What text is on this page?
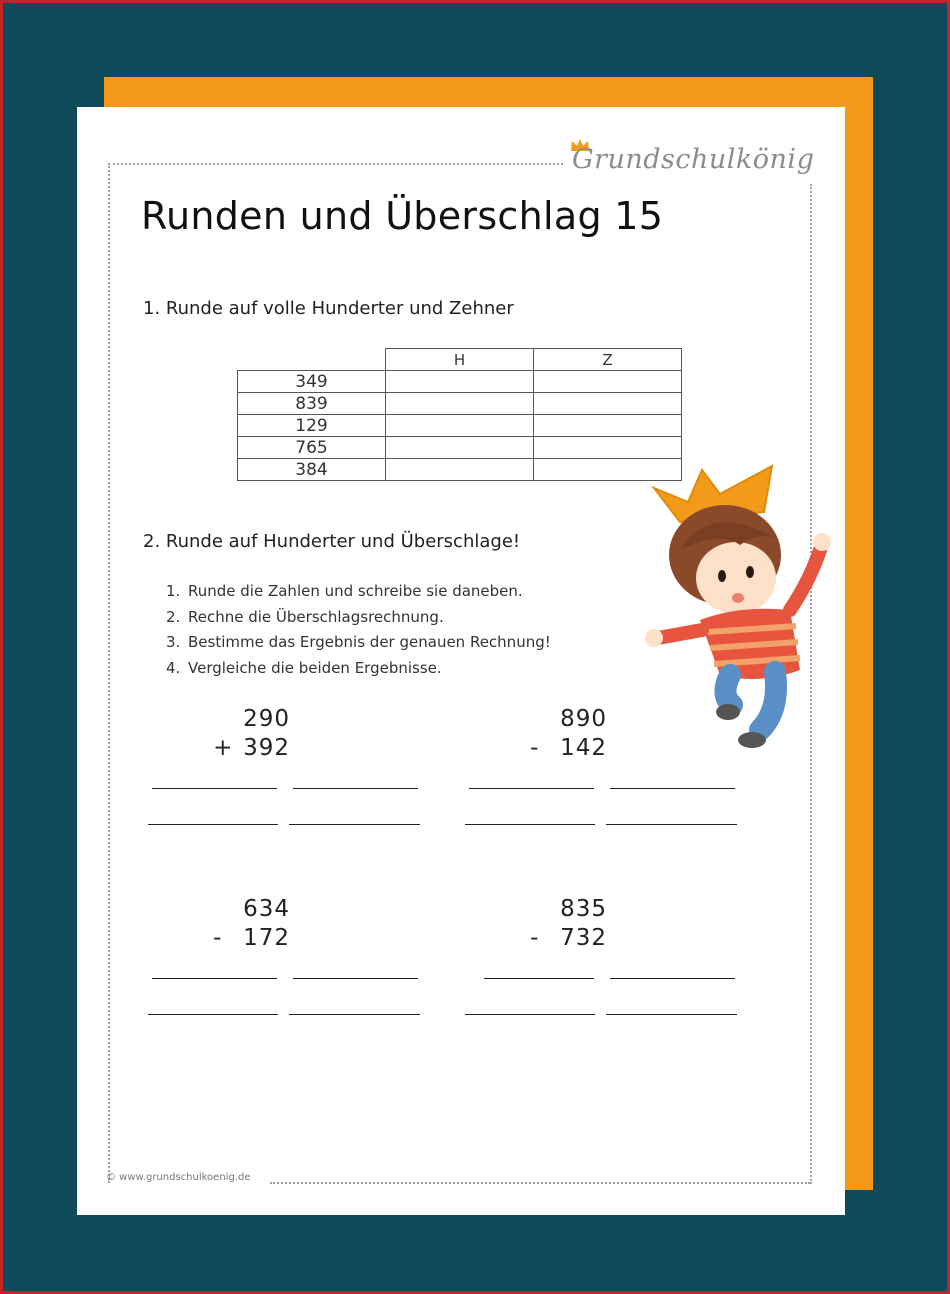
Grundschulkönig
Runden und Überschlag 15
1. Runde auf volle Hunderter und Zehner
	H	Z
349		
839		
129		
765		
384		
2. Runde auf Hunderter und Überschlage!
1. Runde die Zahlen und schreibe sie daneben.
2. Rechne die Überschlagsrechnung.
3. Bestimme das Ergebnis der genauen Rechnung!
4. Vergleiche die beiden Ergebnisse.
290
+ 392
890
- 142
634
- 172
835
- 732
© www.grundschulkoenig.de
